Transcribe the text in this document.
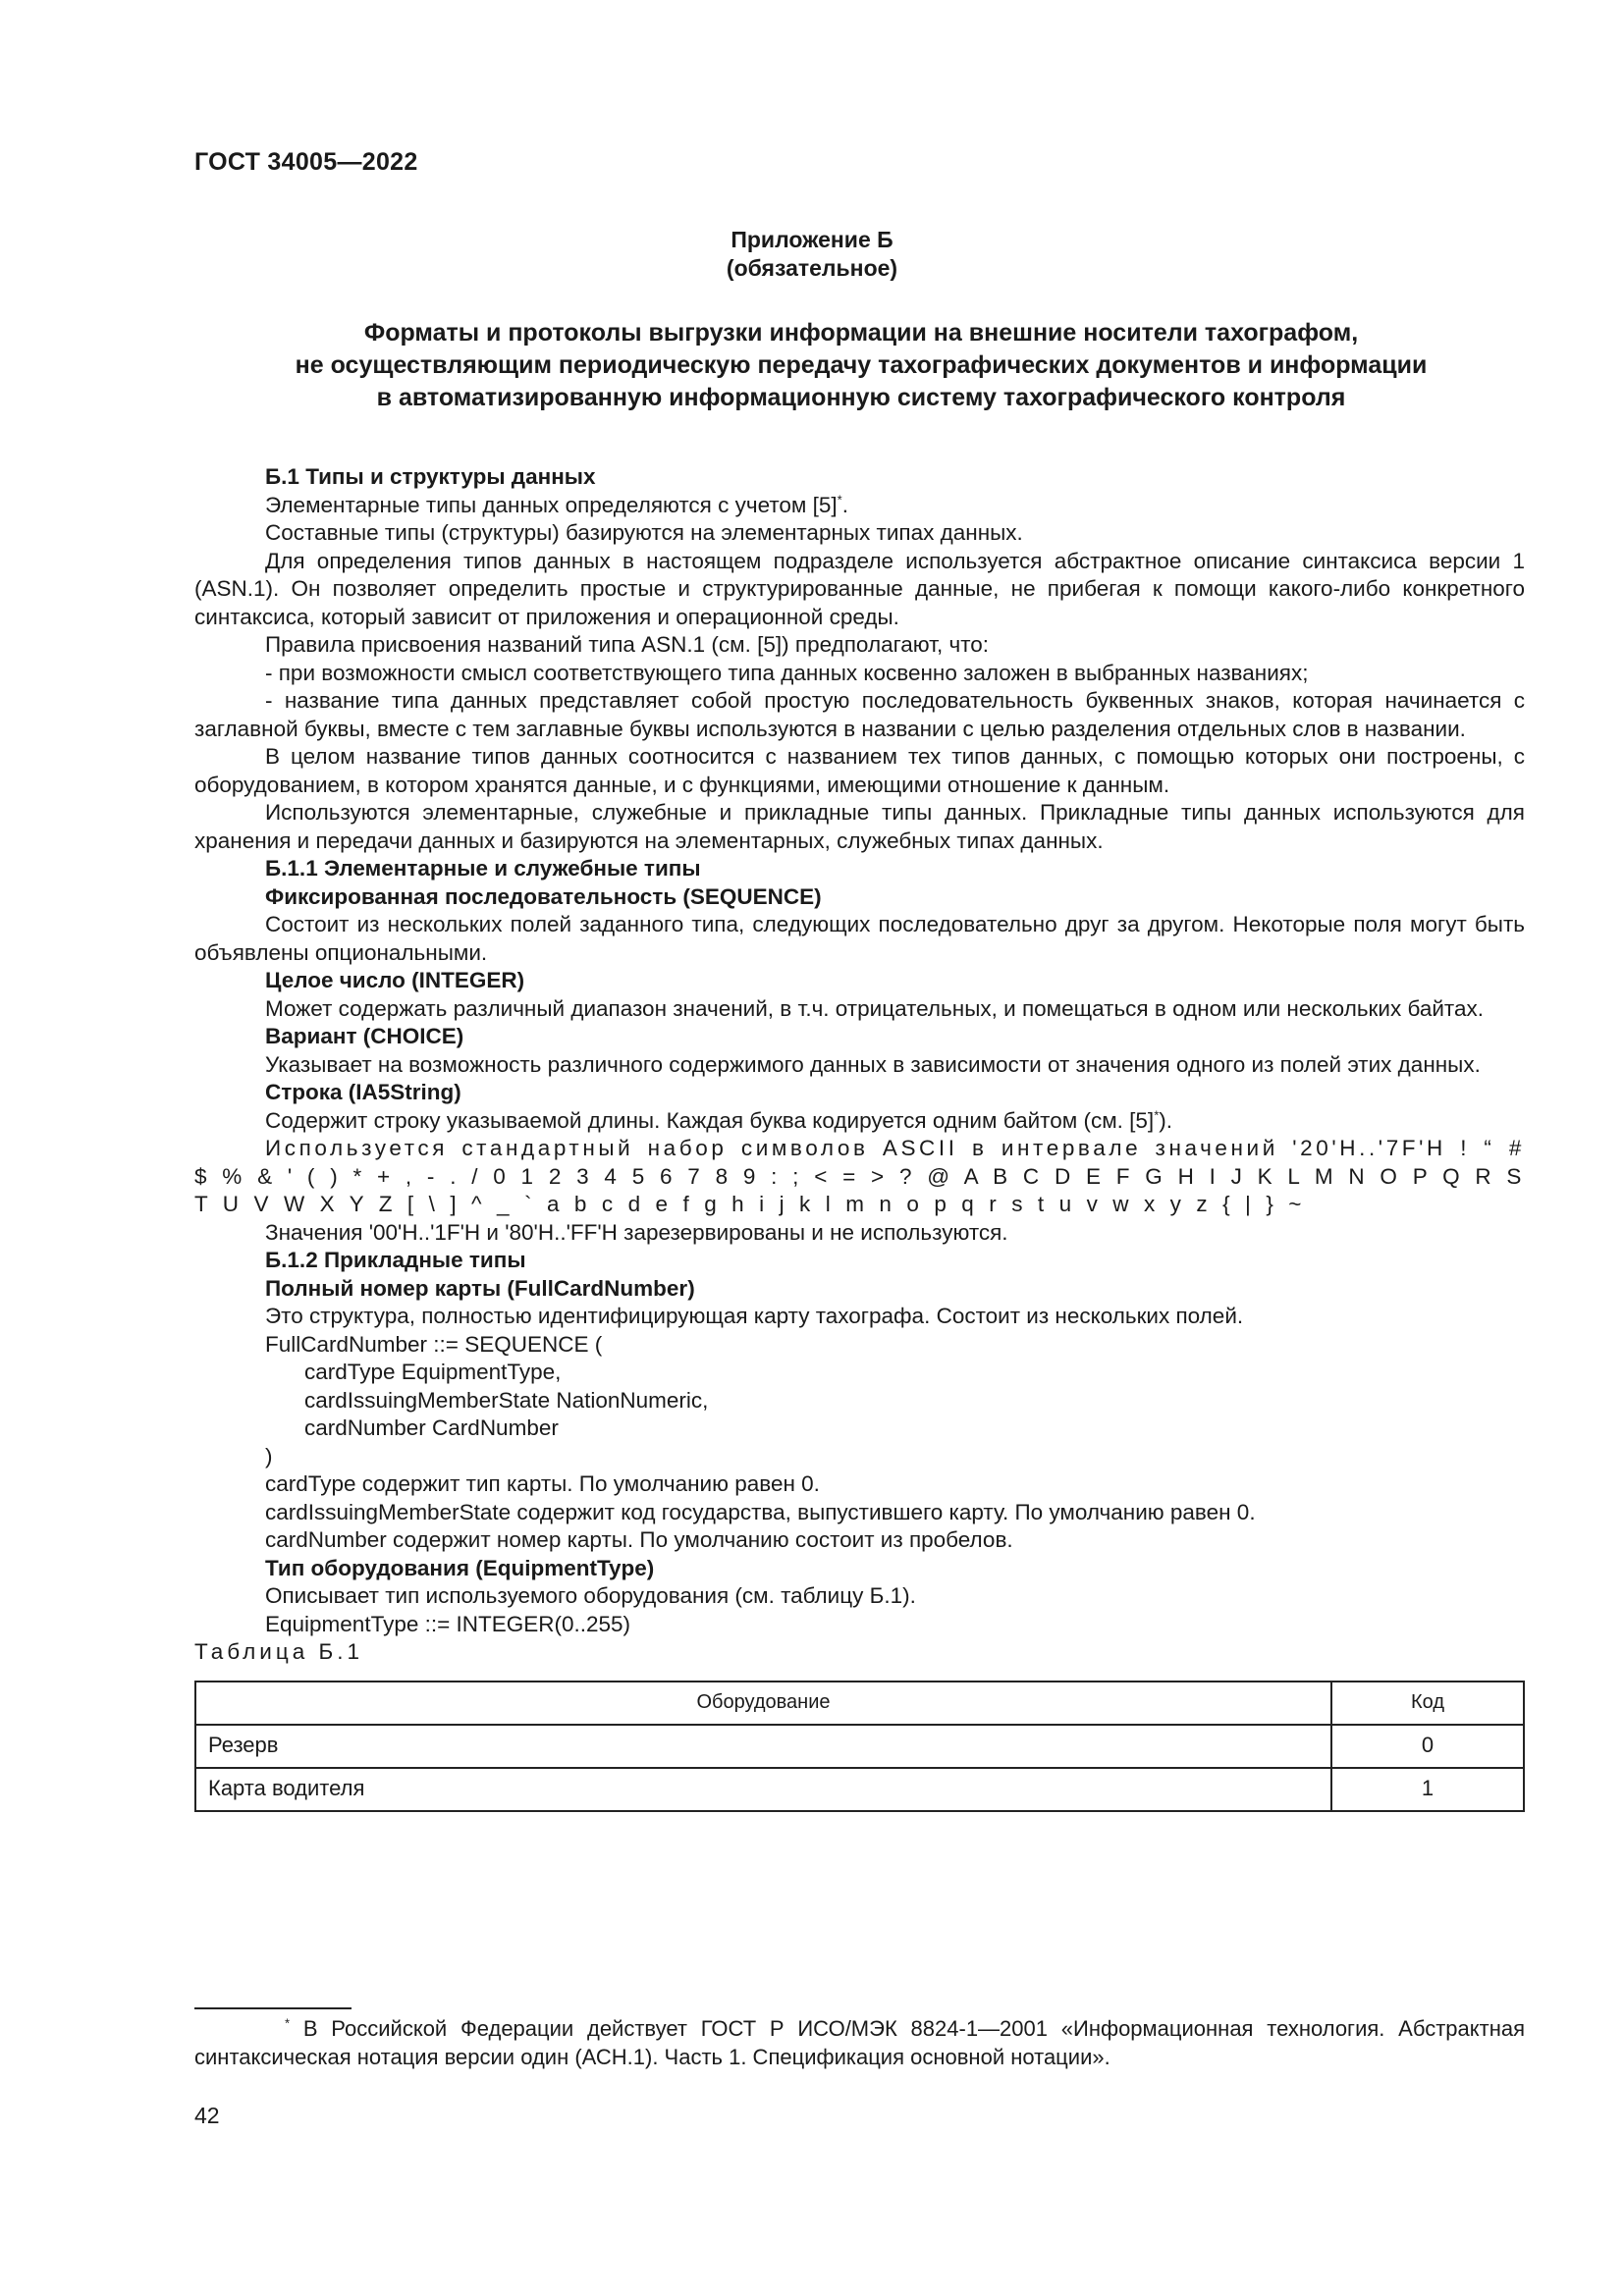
ГОСТ 34005—2022
Приложение Б
(обязательное)
Форматы и протоколы выгрузки информации на внешние носители тахографом,
не осуществляющим периодическую передачу тахографических документов и информации
в автоматизированную информационную систему тахографического контроля

Б.1 Типы и структуры данных

Элементарные типы данных определяются с учетом [5]*.

Составные типы (структуры) базируются на элементарных типах данных.

Для определения типов данных в настоящем подразделе используется абстрактное описание синтаксиса версии 1 (ASN.1). Он позволяет определить простые и структурированные данные, не прибегая к помощи какого-либо конкретного синтаксиса, который зависит от приложения и операционной среды.

Правила присвоения названий типа ASN.1 (см. [5]) предполагают, что:

- при возможности смысл соответствующего типа данных косвенно заложен в выбранных названиях;

- название типа данных представляет собой простую последовательность буквенных знаков, которая начинается с заглавной буквы, вместе с тем заглавные буквы используются в названии с целью разделения отдельных слов в названии.

В целом название типов данных соотносится с названием тех типов данных, с помощью которых они построены, с оборудованием, в котором хранятся данные, и с функциями, имеющими отношение к данным.

Используются элементарные, служебные и прикладные типы данных. Прикладные типы данных используются для хранения и передачи данных и базируются на элементарных, служебных типах данных.

Б.1.1 Элементарные и служебные типы

Фиксированная последовательность (SEQUENCE)

Состоит из нескольких полей заданного типа, следующих последовательно друг за другом. Некоторые поля могут быть объявлены опциональными.

Целое число (INTEGER)

Может содержать различный диапазон значений, в т.ч. отрицательных, и помещаться в одном или нескольких байтах.

Вариант (CHOICE)

Указывает на возможность различного содержимого данных в зависимости от значения одного из полей этих данных.

Строка (IA5String)

Содержит строку указываемой длины. Каждая буква кодируется одним байтом (см. [5]*).

Используется стандартный набор символов ASCII в интервале значений '20'H..'7F'H ! “ # $ % & ' ( ) * + , - . / 0 1 2 3 4 5 6 7 8 9 : ; < = > ? @ A B C D E F G H I J K L M N O P Q R S T U V W X Y Z [ \ ] ^ _ ` a b c d e f g h i j k l m n o p q r s t u v w x y z { | } ~

Значения '00'H..'1F'H и '80'H..'FF'H зарезервированы и не используются.

Б.1.2 Прикладные типы

Полный номер карты (FullCardNumber)

Это структура, полностью идентифицирующая карту тахографа. Состоит из нескольких полей.

FullCardNumber ::= SEQUENCE (
cardType EquipmentType,
cardIssuingMemberState NationNumeric,
cardNumber CardNumber
)

cardType содержит тип карты. По умолчанию равен 0.

cardIssuingMemberState содержит код государства, выпустившего карту. По умолчанию равен 0.

cardNumber содержит номер карты. По умолчанию состоит из пробелов.

Тип оборудования (EquipmentType)

Описывает тип используемого оборудования (см. таблицу Б.1).

EquipmentType ::= INTEGER(0..255)

Таблица Б.1

Оборудование	Код
Резерв	0
Карта водителя	1
* В Российской Федерации действует ГОСТ Р ИСО/МЭК 8824-1—2001 «Информационная технология. Абстрактная синтаксическая нотация версии один (АСН.1). Часть 1. Спецификация основной нотации».
42
